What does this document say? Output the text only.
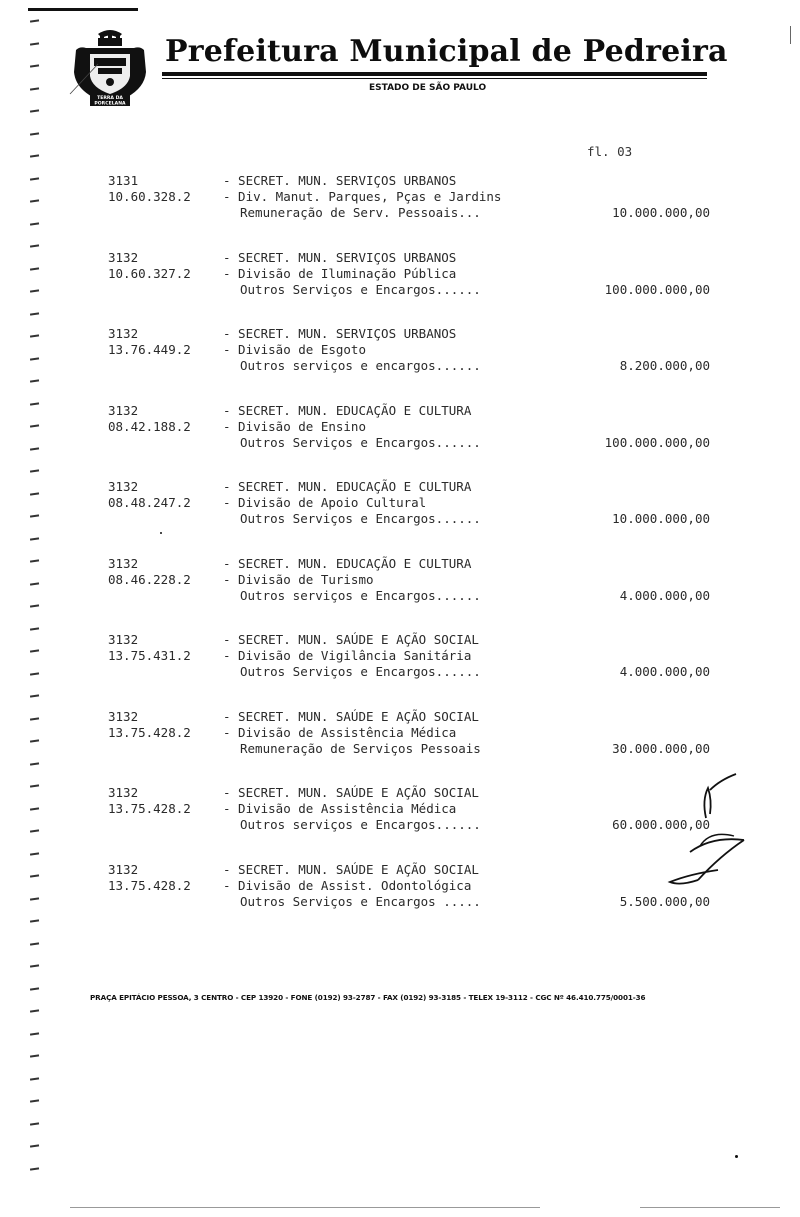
TERRA DA
PORCELANA
Prefeitura Municipal de Pedreira
ESTADO DE SÃO PAULO
fl. 03
3131	- SECRET. MUN. SERVIÇOS URBANOS
10.60.328.2	- Div. Manut. Parques, Pças e Jardins
Remuneração de Serv. Pessoais...	10.000.000,00
3132	- SECRET. MUN. SERVIÇOS URBANOS
10.60.327.2	- Divisão de Iluminação Pública
Outros Serviços e Encargos......	100.000.000,00
3132	- SECRET. MUN. SERVIÇOS URBANOS
13.76.449.2	- Divisão de Esgoto
Outros serviços e encargos......	8.200.000,00
3132	- SECRET. MUN. EDUCAÇÃO E CULTURA
08.42.188.2	- Divisão de Ensino
Outros Serviços e Encargos......	100.000.000,00
3132	- SECRET. MUN. EDUCAÇÃO E CULTURA
08.48.247.2	- Divisão de Apoio Cultural
Outros Serviços e Encargos......	10.000.000,00
3132	- SECRET. MUN. EDUCAÇÃO E CULTURA
08.46.228.2	- Divisão de Turismo
Outros serviços e Encargos......	4.000.000,00
3132	- SECRET. MUN. SAÚDE E AÇÃO SOCIAL
13.75.431.2	- Divisão de Vigilância Sanitária
Outros Serviços e Encargos......	4.000.000,00
3132	- SECRET. MUN. SAÚDE E AÇÃO SOCIAL
13.75.428.2	- Divisão de Assistência Médica
Remuneração de Serviços Pessoais	30.000.000,00
3132	- SECRET. MUN. SAÚDE E AÇÃO SOCIAL
13.75.428.2	- Divisão de Assistência Médica
Outros serviços e Encargos......	60.000.000,00
3132	- SECRET. MUN. SAÚDE E AÇÃO SOCIAL
13.75.428.2	- Divisão de Assist. Odontológica
Outros Serviços e Encargos .....	5.500.000,00
PRAÇA EPITÁCIO PESSOA, 3 CENTRO - CEP 13920 - FONE (0192) 93-2787 - FAX (0192) 93-3185 - TELEX 19-3112 - CGC Nº 46.410.775/0001-36
